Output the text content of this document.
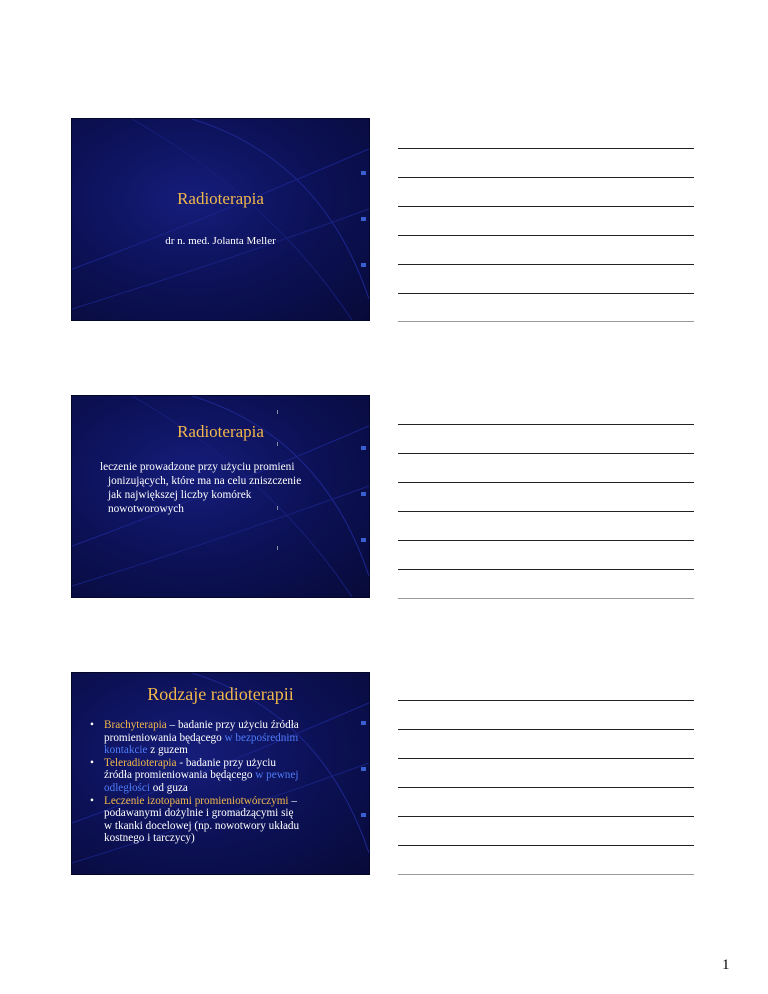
Radioterapia
dr n. med. Jolanta Meller
Radioterapia
leczenie prowadzone przy użyciu promieni
jonizujących, które ma na celu zniszczenie
jak największej liczby komórek
nowotworowych
Rodzaje radioterapii
• Brachyterapia – badanie przy użyciu źródła
promieniowania będącego w bezpośrednim
kontakcie z guzem
• Teleradioterapia - badanie przy użyciu
źródła promieniowania będącego w pewnej
odległości od guza
• Leczenie izotopami promieniotwórczymi –
podawanymi dożylnie i gromadzącymi się
w tkanki docelowej (np. nowotwory układu
kostnego i tarczycy)
1
